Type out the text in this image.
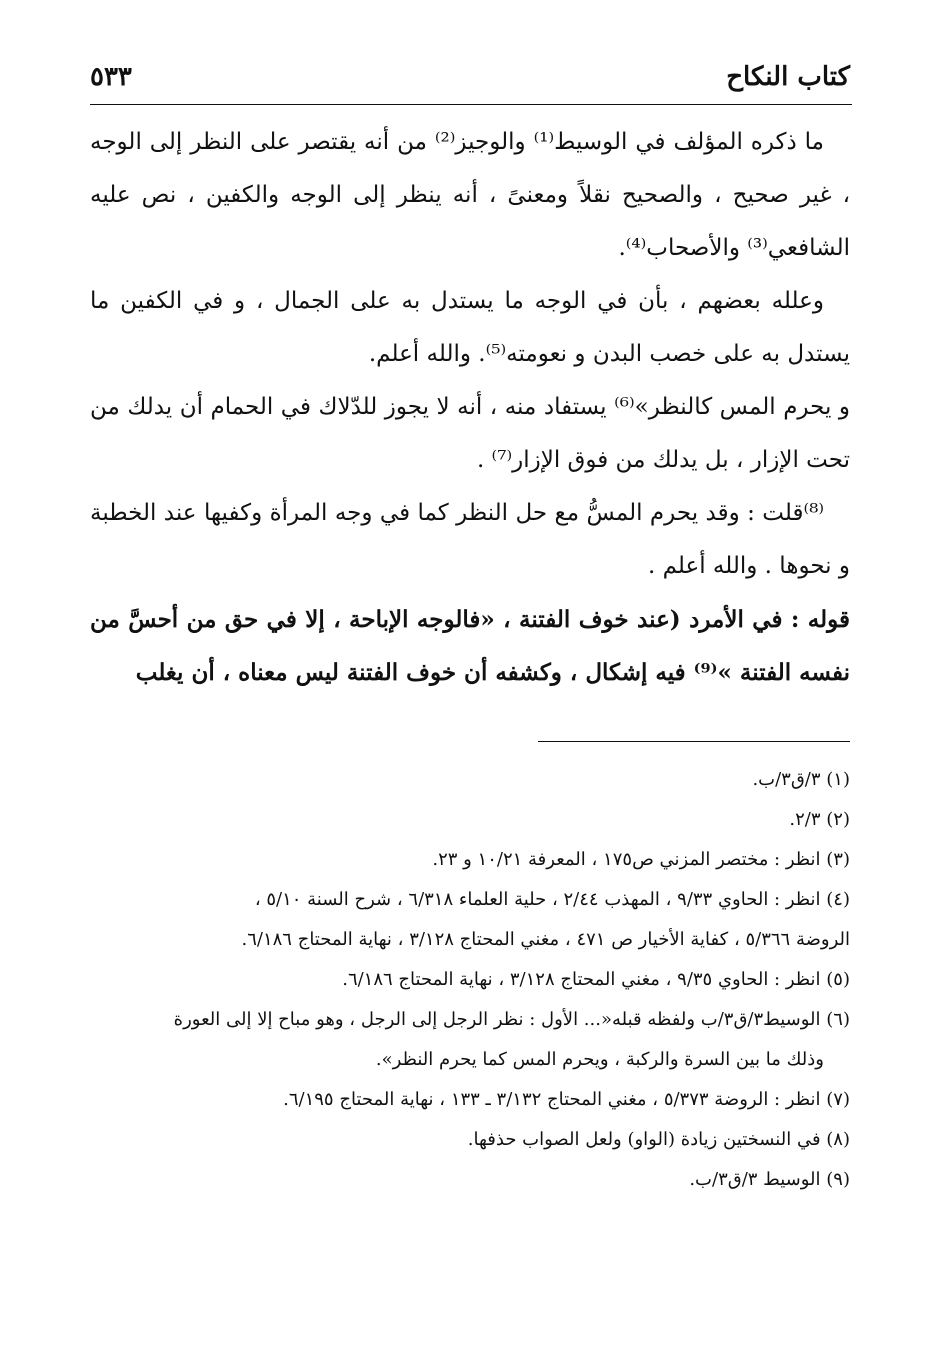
كتاب النكاح
٥٣٣

ما ذكره المؤلف في الوسيط⁽¹⁾ والوجيز⁽²⁾ من أنه يقتصر على النظر إلى الوجه ، غير صحيح ، والصحيح نقلاً ومعنىً ، أنه ينظر إلى الوجه والكفين ، نص عليه الشافعي⁽³⁾ والأصحاب⁽⁴⁾.

وعلله بعضهم ، بأن في الوجه ما يستدل به على الجمال ، و في الكفين ما يستدل به على خصب البدن و نعومته⁽⁵⁾. والله أعلم.

و يحرم المس كالنظر»⁽⁶⁾ يستفاد منه ، أنه لا يجوز للدّلاك في الحمام أن يدلك من تحت الإزار ، بل يدلك من فوق الإزار⁽⁷⁾ .

⁽⁸⁾قلت : وقد يحرم المسُّ مع حل النظر كما في وجه المرأة وكفيها عند الخطبة و نحوها . والله أعلم .

قوله : في الأمرد (عند خوف الفتنة ، «فالوجه الإباحة ، إلا في حق من أحسَّ من نفسه الفتنة »⁽⁹⁾ فيه إشكال ، وكشفه أن خوف الفتنة ليس معناه ، أن يغلب

(١) ٣/ق٣/ب.

(٢) ٢/٣.

(٣) انظر : مختصر المزني ص١٧٥ ، المعرفة ١٠/٢١ و ٢٣.

(٤) انظر : الحاوي ٩/٣٣ ، المهذب ٢/٤٤ ، حلية العلماء ٦/٣١٨ ، شرح السنة ٥/١٠ ،

الروضة ٥/٣٦٦ ، كفاية الأخيار ص ٤٧١ ، مغني المحتاج ٣/١٢٨ ، نهاية المحتاج ٦/١٨٦.

(٥) انظر : الحاوي ٩/٣٥ ، مغني المحتاج ٣/١٢٨ ، نهاية المحتاج ٦/١٨٦.

(٦) الوسيط٣/ق٣/ب ولفظه قبله«... الأول : نظر الرجل إلى الرجل ، وهو مباح إلا إلى العورة

وذلك ما بين السرة والركبة ، ويحرم المس كما يحرم النظر».

(٧) انظر : الروضة ٥/٣٧٣ ، مغني المحتاج ٣/١٣٢ ـ ١٣٣ ، نهاية المحتاج ٦/١٩٥.

(٨) في النسختين زيادة (الواو) ولعل الصواب حذفها.

(٩) الوسيط ٣/ق٣/ب.
